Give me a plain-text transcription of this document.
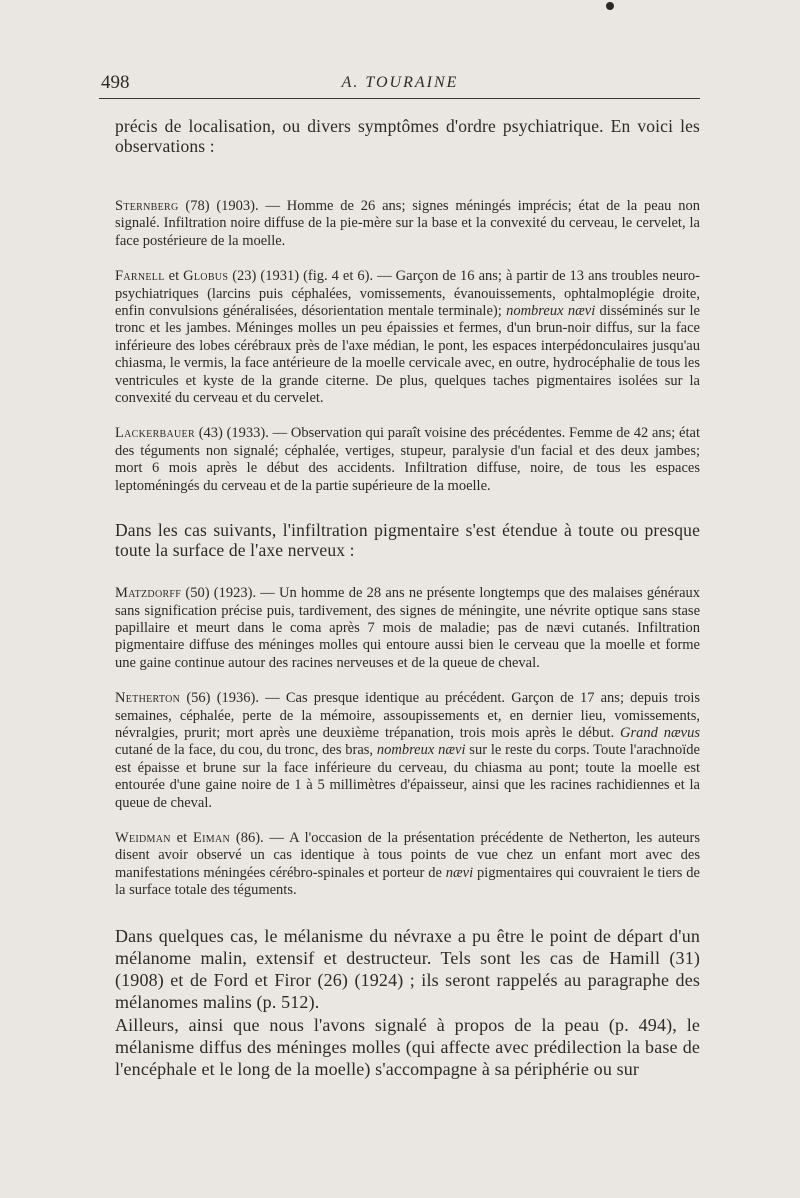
498	A. TOURAINE

précis de localisation, ou divers symptômes d'ordre psychiatrique. En voici les observations :

Sternberg (78) (1903). — Homme de 26 ans; signes méningés imprécis; état de la peau non signalé. Infiltration noire diffuse de la pie-mère sur la base et la convexité du cerveau, le cervelet, la face postérieure de la moelle.

Farnell et Globus (23) (1931) (fig. 4 et 6). — Garçon de 16 ans; à partir de 13 ans troubles neuro-psychiatriques (larcins puis céphalées, vomissements, évanouissements, ophtalmoplégie droite, enfin convulsions généralisées, désorientation mentale terminale); nombreux nævi disséminés sur le tronc et les jambes. Méninges molles un peu épaissies et fermes, d'un brun-noir diffus, sur la face inférieure des lobes cérébraux près de l'axe médian, le pont, les espaces interpédonculaires jusqu'au chiasma, le vermis, la face antérieure de la moelle cervicale avec, en outre, hydrocéphalie de tous les ventricules et kyste de la grande citerne. De plus, quelques taches pigmentaires isolées sur la convexité du cerveau et du cervelet.

Lackerbauer (43) (1933). — Observation qui paraît voisine des précédentes. Femme de 42 ans; état des téguments non signalé; céphalée, vertiges, stupeur, paralysie d'un facial et des deux jambes; mort 6 mois après le début des accidents. Infiltration diffuse, noire, de tous les espaces leptoméningés du cerveau et de la partie supérieure de la moelle.

Dans les cas suivants, l'infiltration pigmentaire s'est étendue à toute ou presque toute la surface de l'axe nerveux :

Matzdorff (50) (1923). — Un homme de 28 ans ne présente longtemps que des malaises généraux sans signification précise puis, tardivement, des signes de méningite, une névrite optique sans stase papillaire et meurt dans le coma après 7 mois de maladie; pas de nævi cutanés. Infiltration pigmentaire diffuse des méninges molles qui entoure aussi bien le cerveau que la moelle et forme une gaine continue autour des racines nerveuses et de la queue de cheval.

Netherton (56) (1936). — Cas presque identique au précédent. Garçon de 17 ans; depuis trois semaines, céphalée, perte de la mémoire, assoupissements et, en dernier lieu, vomissements, névralgies, prurit; mort après une deuxième trépanation, trois mois après le début. Grand nævus cutané de la face, du cou, du tronc, des bras, nombreux nævi sur le reste du corps. Toute l'arachnoïde est épaisse et brune sur la face inférieure du cerveau, du chiasma au pont; toute la moelle est entourée d'une gaine noire de 1 à 5 millimètres d'épaisseur, ainsi que les racines rachidiennes et la queue de cheval.

Weidman et Eiman (86). — A l'occasion de la présentation précédente de Netherton, les auteurs disent avoir observé un cas identique à tous points de vue chez un enfant mort avec des manifestations méningées cérébro-spinales et porteur de nævi pigmentaires qui couvraient le tiers de la surface totale des téguments.

Dans quelques cas, le mélanisme du névraxe a pu être le point de départ d'un mélanome malin, extensif et destructeur. Tels sont les cas de Hamill (31) (1908) et de Ford et Firor (26) (1924) ; ils seront rappelés au paragraphe des mélanomes malins (p. 512).

Ailleurs, ainsi que nous l'avons signalé à propos de la peau (p. 494), le mélanisme diffus des méninges molles (qui affecte avec prédilection la base de l'encéphale et le long de la moelle) s'accompagne à sa périphérie ou sur
